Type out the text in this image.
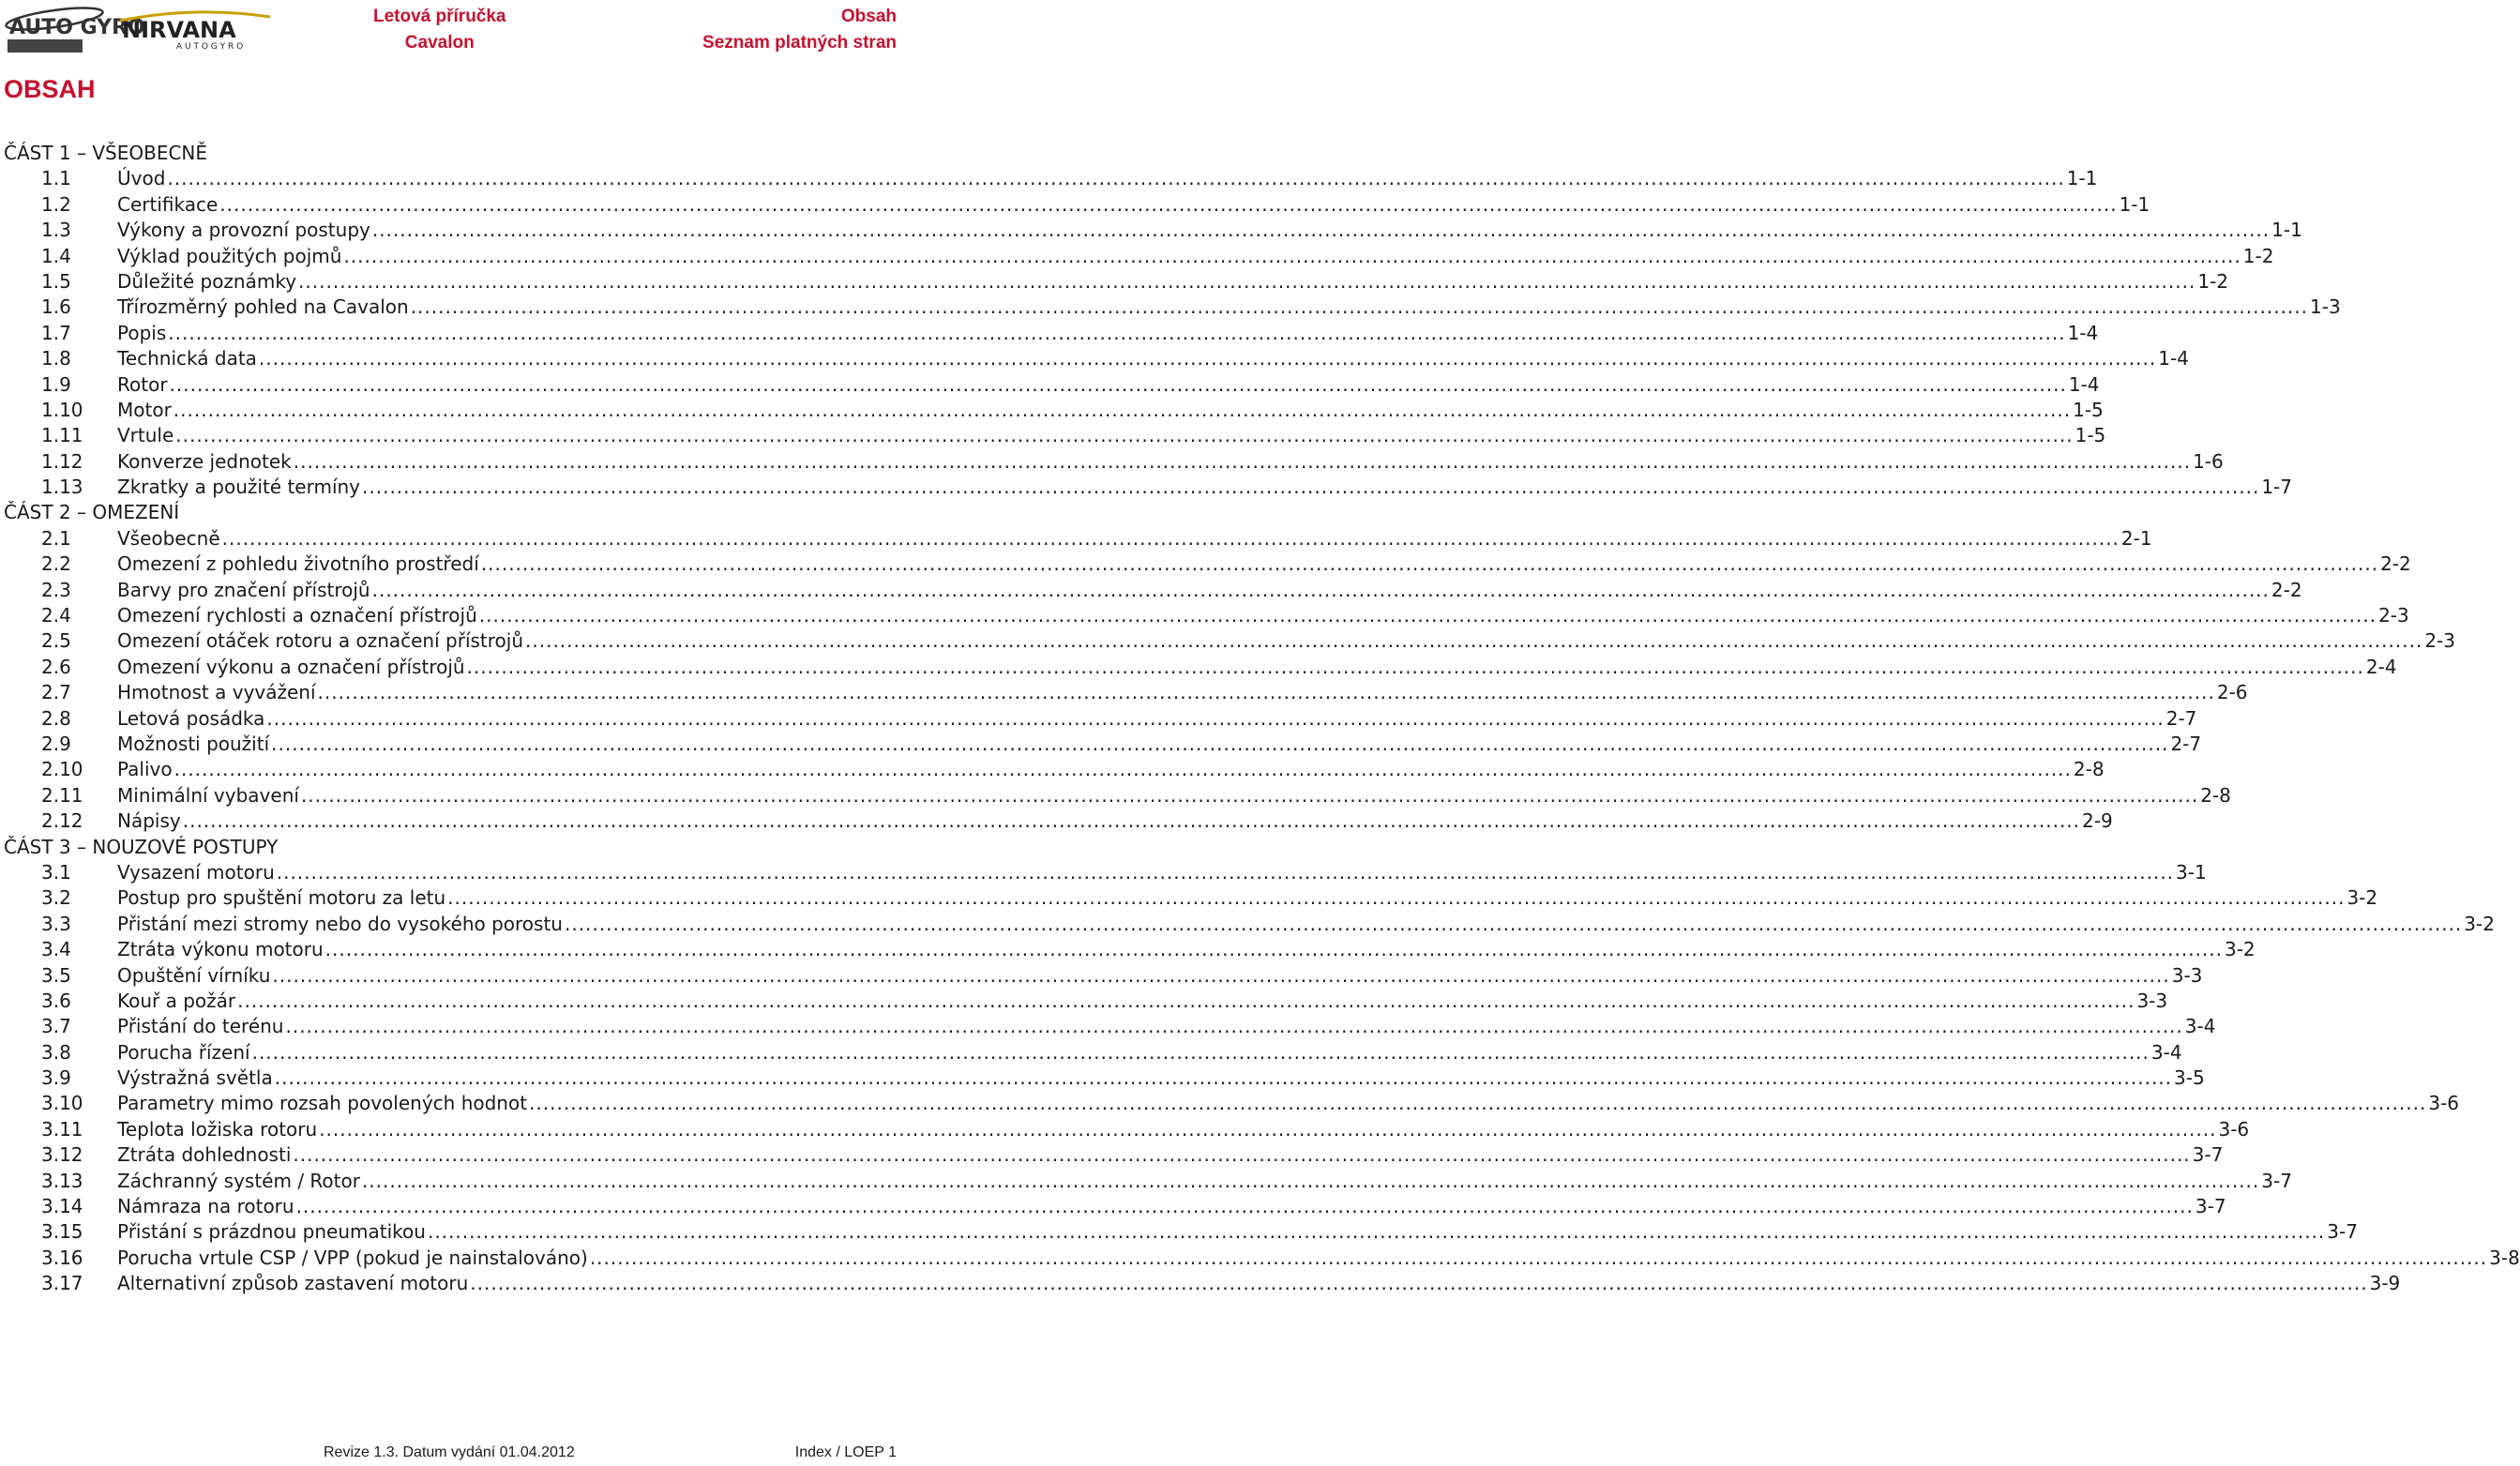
AUTO GYRO
NIRVANA
A U T O G Y R O
Letová příručka
Cavalon
Obsah
Seznam platných stran
OBSAH
ČÁST 1 – VŠEOBECNĚ
1.1	Úvod .....	1-1
1.2	Certifikace .....	1-1
1.3	Výkony a provozní postupy .....	1-1
1.4	Výklad použitých pojmů .....	1-2
1.5	Důležité poznámky .....	1-2
1.6	Třírozměrný pohled na Cavalon .....	1-3
1.7	Popis .....	1-4
1.8	Technická data .....	1-4
1.9	Rotor .....	1-4
1.10	Motor .....	1-5
1.11	Vrtule .....	1-5
1.12	Konverze jednotek .....	1-6
1.13	Zkratky a použité termíny .....	1-7
ČÁST 2 – OMEZENÍ
2.1	Všeobecně .....	2-1
2.2	Omezení z pohledu životního prostředí .....	2-2
2.3	Barvy pro značení přístrojů .....	2-2
2.4	Omezení rychlosti a označení přístrojů .....	2-3
2.5	Omezení otáček rotoru a označení přístrojů .....	2-3
2.6	Omezení výkonu a označení přístrojů .....	2-4
2.7	Hmotnost a vyvážení .....	2-6
2.8	Letová posádka .....	2-7
2.9	Možnosti použití .....	2-7
2.10	Palivo .....	2-8
2.11	Minimální vybavení .....	2-8
2.12	Nápisy .....	2-9
ČÁST 3 – NOUZOVÉ POSTUPY
3.1	Vysazení motoru .....	3-1
3.2	Postup pro spuštění motoru za letu .....	3-2
3.3	Přistání mezi stromy nebo do vysokého porostu .....	3-2
3.4	Ztráta výkonu motoru .....	3-2
3.5	Opuštění vírníku .....	3-3
3.6	Kouř a požár .....	3-3
3.7	Přistání do terénu .....	3-4
3.8	Porucha řízení .....	3-4
3.9	Výstražná světla .....	3-5
3.10	Parametry mimo rozsah povolených hodnot .....	3-6
3.11	Teplota ložiska rotoru .....	3-6
3.12	Ztráta dohlednosti .....	3-7
3.13	Záchranný systém / Rotor .....	3-7
3.14	Námraza na rotoru .....	3-7
3.15	Přistání s prázdnou pneumatikou .....	3-7
3.16	Porucha vrtule CSP / VPP (pokud je nainstalováno) .....	3-8
3.17	Alternativní způsob zastavení motoru .....	3-9
Revize 1.3. Datum vydání 01.04.2012	Index / LOEP 1
